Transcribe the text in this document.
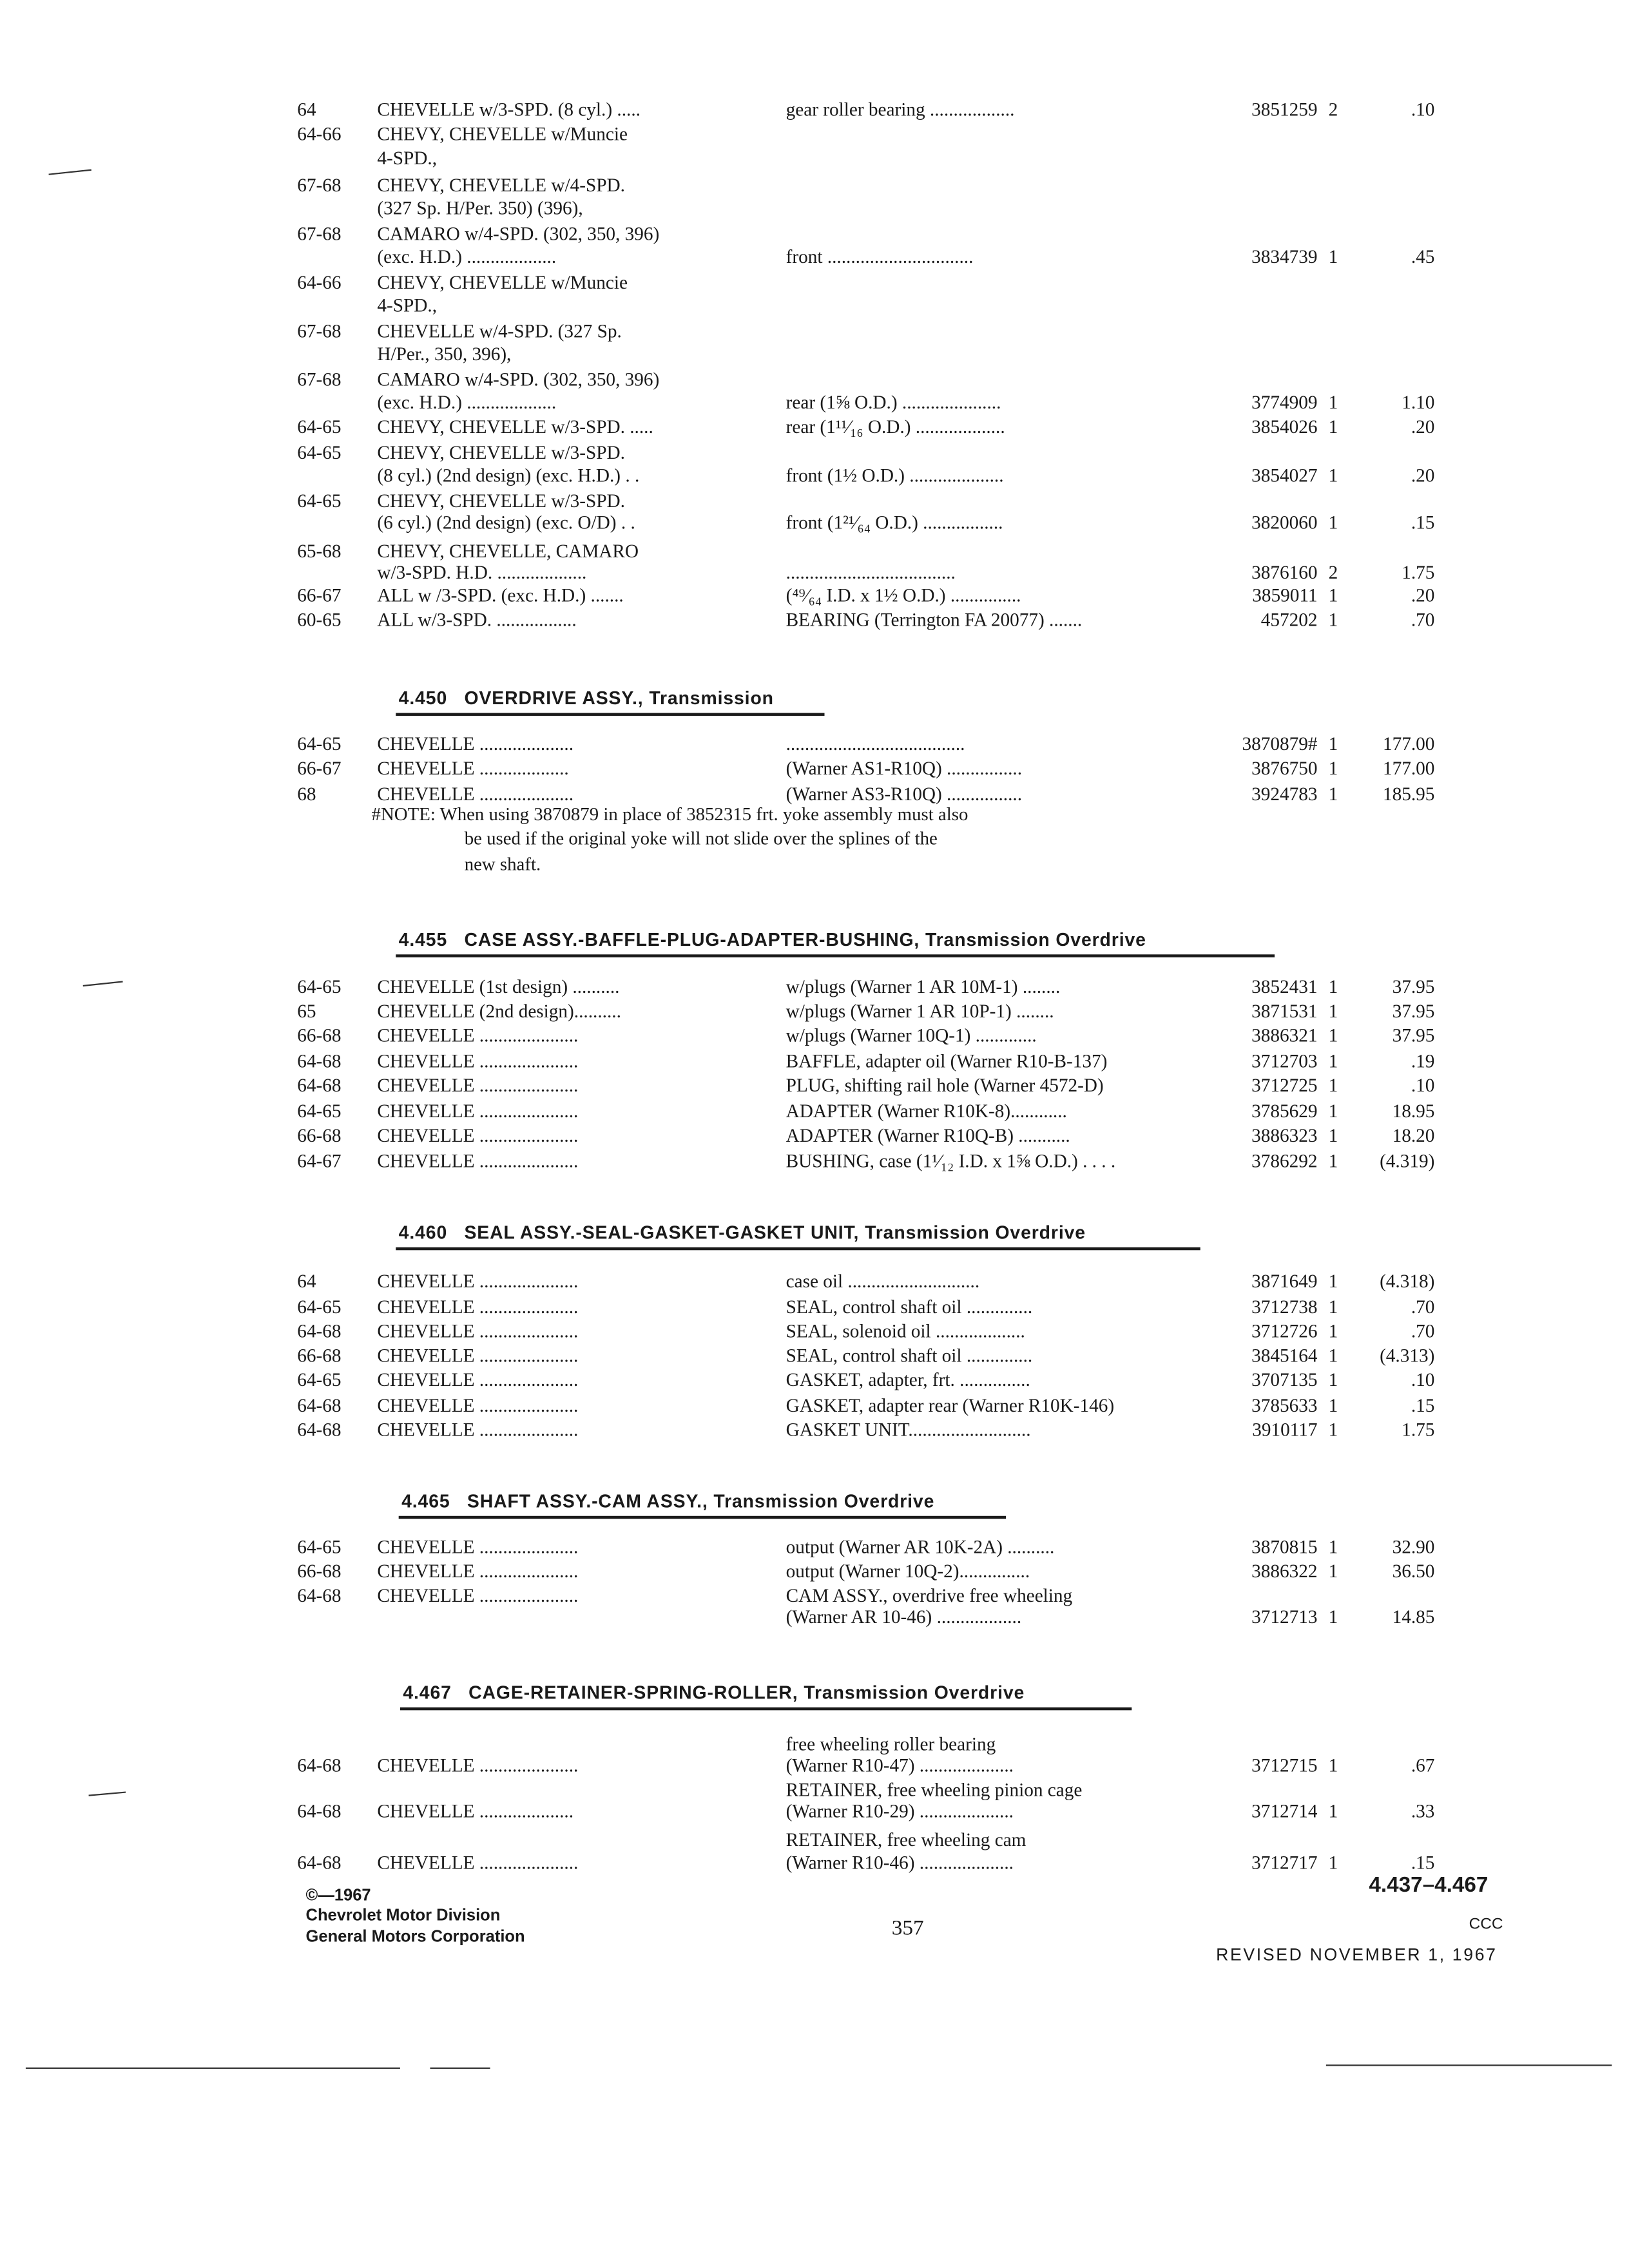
64	CHEVELLE w/3-SPD. (8 cyl.) .....	gear roller bearing ..................	3851259 2	.10
64-66	CHEVY, CHEVELLE w/Muncie
4-SPD.,
67-68	CHEVY, CHEVELLE w/4-SPD.
(327 Sp. H/Per. 350) (396),
67-68	CAMARO w/4-SPD. (302, 350, 396)
(exc. H.D.) ...................	front ...............................	3834739 1	.45
64-66	CHEVY, CHEVELLE w/Muncie
4-SPD.,
67-68	CHEVELLE w/4-SPD. (327 Sp.
H/Per., 350, 396),
67-68	CAMARO w/4-SPD. (302, 350, 396)
(exc. H.D.) ...................	rear (1⅝ O.D.) .....................	3774909 1	1.10
64-65	CHEVY, CHEVELLE w/3-SPD. .....	rear (1¹¹⁄₁₆ O.D.) ...................	3854026 1	.20
64-65	CHEVY, CHEVELLE w/3-SPD.
(8 cyl.) (2nd design) (exc. H.D.) . .	front (1½ O.D.) ....................	3854027 1	.20
64-65	CHEVY, CHEVELLE w/3-SPD.
(6 cyl.) (2nd design) (exc. O/D) . .	front (1²¹⁄₆₄ O.D.) .................	3820060 1	.15
65-68	CHEVY, CHEVELLE, CAMARO
w/3-SPD. H.D. ...................	....................................	3876160 2	1.75
66-67	ALL w /3-SPD. (exc. H.D.) .......	(⁴⁹⁄₆₄ I.D. x 1½ O.D.) ...............	3859011 1	.20
60-65	ALL w/3-SPD. .................	BEARING (Terrington FA 20077) .......	457202 1	.70
4.450 OVERDRIVE ASSY., Transmission
64-65	CHEVELLE ....................	......................................	3870879# 1	177.00
66-67	CHEVELLE ...................	(Warner AS1-R10Q) ................	3876750 1	177.00
68	CHEVELLE ....................	(Warner AS3-R10Q) ................	3924783 1	185.95
#NOTE: When using 3870879 in place of 3852315 frt. yoke assembly must also
be used if the original yoke will not slide over the splines of the
new shaft.
4.455 CASE ASSY.-BAFFLE-PLUG-ADAPTER-BUSHING, Transmission Overdrive
64-65	CHEVELLE (1st design) ..........	w/plugs (Warner 1 AR 10M-1) ........	3852431 1	37.95
65	CHEVELLE (2nd design)..........	w/plugs (Warner 1 AR 10P-1) ........	3871531 1	37.95
66-68	CHEVELLE .....................	w/plugs (Warner 10Q-1) .............	3886321 1	37.95
64-68	CHEVELLE .....................	BAFFLE, adapter oil (Warner R10-B-137)	3712703 1	.19
64-68	CHEVELLE .....................	PLUG, shifting rail hole (Warner 4572-D)	3712725 1	.10
64-65	CHEVELLE .....................	ADAPTER (Warner R10K-8)............	3785629 1	18.95
66-68	CHEVELLE .....................	ADAPTER (Warner R10Q-B) ...........	3886323 1	18.20
64-67	CHEVELLE .....................	BUSHING, case (1¹⁄₁₂ I.D. x 1⅝ O.D.) . . . .	3786292 1	(4.319)
4.460 SEAL ASSY.-SEAL-GASKET-GASKET UNIT, Transmission Overdrive
64	CHEVELLE .....................	case oil ............................	3871649 1	(4.318)
64-65	CHEVELLE .....................	SEAL, control shaft oil ..............	3712738 1	.70
64-68	CHEVELLE .....................	SEAL, solenoid oil ...................	3712726 1	.70
66-68	CHEVELLE .....................	SEAL, control shaft oil ..............	3845164 1	(4.313)
64-65	CHEVELLE .....................	GASKET, adapter, frt. ...............	3707135 1	.10
64-68	CHEVELLE .....................	GASKET, adapter rear (Warner R10K-146)	3785633 1	.15
64-68	CHEVELLE .....................	GASKET UNIT..........................	3910117 1	1.75
4.465 SHAFT ASSY.-CAM ASSY., Transmission Overdrive
64-65	CHEVELLE .....................	output (Warner AR 10K-2A) ..........	3870815 1	32.90
66-68	CHEVELLE .....................	output (Warner 10Q-2)...............	3886322 1	36.50
64-68	CHEVELLE .....................	CAM ASSY., overdrive free wheeling
(Warner AR 10-46) ..................	3712713 1	14.85
4.467 CAGE-RETAINER-SPRING-ROLLER, Transmission Overdrive
free wheeling roller bearing
64-68	CHEVELLE .....................	(Warner R10-47) ....................	3712715 1	.67
RETAINER, free wheeling pinion cage
64-68	CHEVELLE ....................	(Warner R10-29) ....................	3712714 1	.33
RETAINER, free wheeling cam
64-68	CHEVELLE .....................	(Warner R10-46) ....................	3712717 1	.15
©—1967
Chevrolet Motor Division
General Motors Corporation	357
4.437–4.467
CCC
REVISED NOVEMBER 1, 1967
